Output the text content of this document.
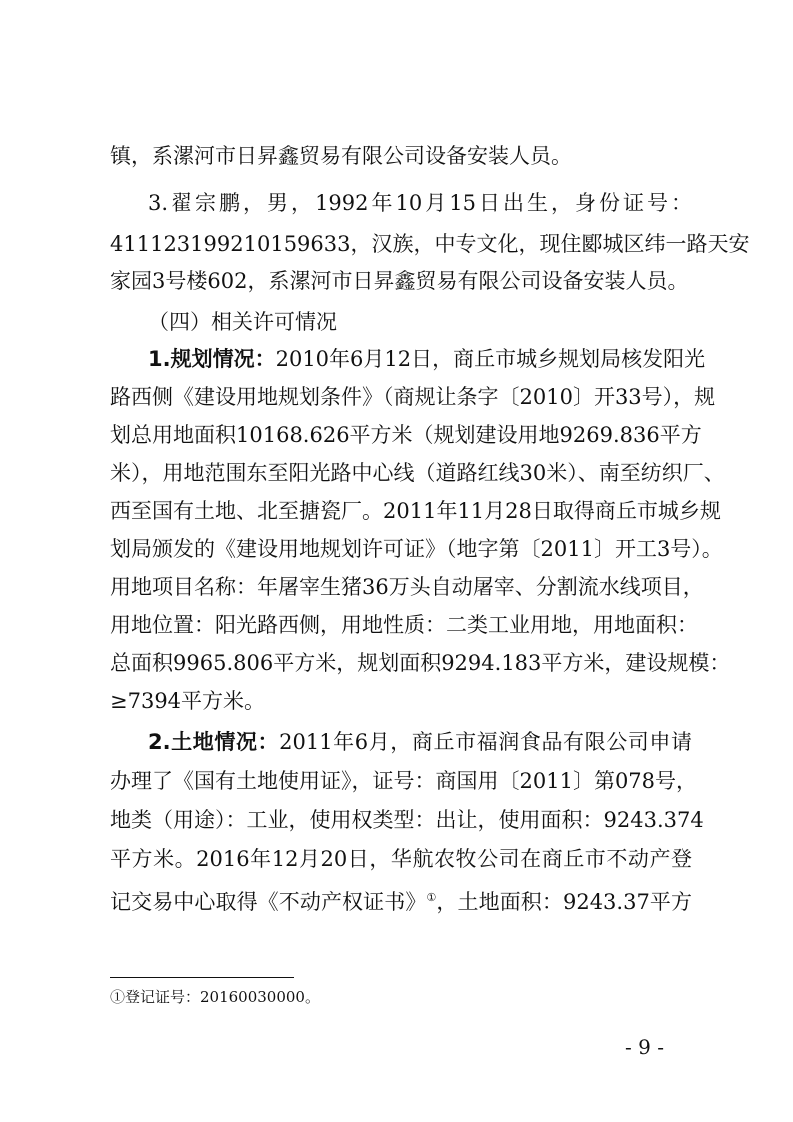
镇，系漯河市日昇鑫贸易有限公司设备安装人员。
3.翟宗鹏，男，1992年10月15日出生，身份证号：
411123199210159633，汉族，中专文化，现住郾城区纬一路天安
家园3号楼602，系漯河市日昇鑫贸易有限公司设备安装人员。
（四）相关许可情况
1.规划情况：2010年6月12日，商丘市城乡规划局核发阳光
路西侧《建设用地规划条件》（商规让条字〔2010〕开33号），规
划总用地面积10168.626平方米（规划建设用地9269.836平方
米），用地范围东至阳光路中心线（道路红线30米）、南至纺织厂、
西至国有土地、北至搪瓷厂。2011年11月28日取得商丘市城乡规
划局颁发的《建设用地规划许可证》（地字第〔2011〕开工3号）。
用地项目名称：年屠宰生猪36万头自动屠宰、分割流水线项目，
用地位置：阳光路西侧，用地性质：二类工业用地，用地面积：
总面积9965.806平方米，规划面积9294.183平方米，建设规模：
≥7394平方米。
2.土地情况：2011年6月，商丘市福润食品有限公司申请
办理了《国有土地使用证》，证号：商国用〔2011〕第078号，
地类（用途）：工业，使用权类型：出让，使用面积：9243.374
平方米。2016年12月20日，华航农牧公司在商丘市不动产登
记交易中心取得《不动产权证书》①，土地面积：9243.37平方
①登记证号：20160030000。
- 9 -
